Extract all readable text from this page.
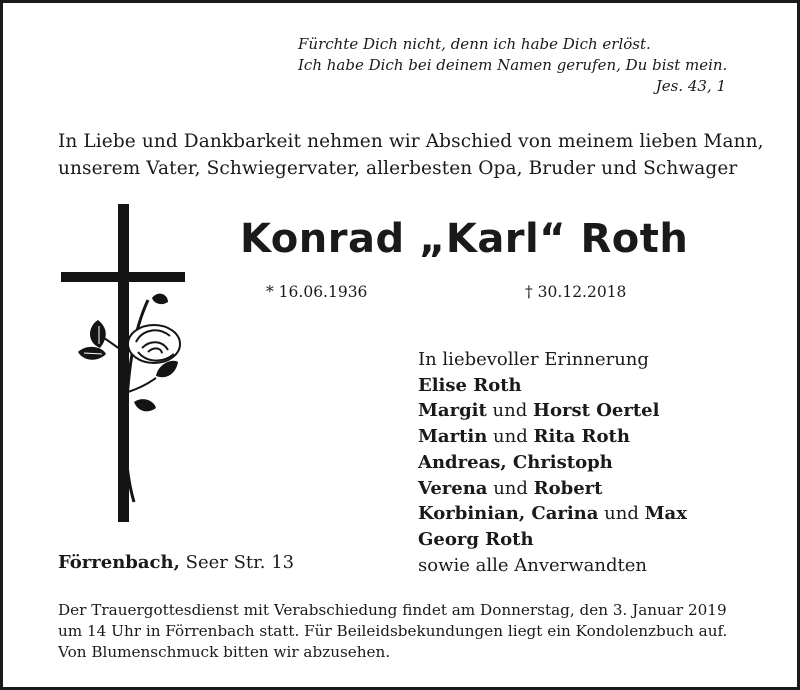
Fürchte Dich nicht, denn ich habe Dich erlöst.
Ich habe Dich bei deinem Namen gerufen, Du bist mein.
Jes. 43, 1
In Liebe und Dankbarkeit nehmen wir Abschied von meinem lieben Mann,
unserem Vater, Schwiegervater, allerbesten Opa, Bruder und Schwager
Konrad „Karl“ Roth
* 16.06.1936	† 30.12.2018
In liebevoller Erinnerung
Elise Roth
Margit und Horst Oertel
Martin und Rita Roth
Andreas, Christoph
Verena und Robert
Korbinian, Carina und Max
Georg Roth
sowie alle Anverwandten
Förrenbach, Seer Str. 13
Der Trauergottesdienst mit Verabschiedung findet am Donnerstag, den 3. Januar 2019
um 14 Uhr in Förrenbach statt. Für Beileidsbekundungen liegt ein Kondolenzbuch auf.
Von Blumenschmuck bitten wir abzusehen.
